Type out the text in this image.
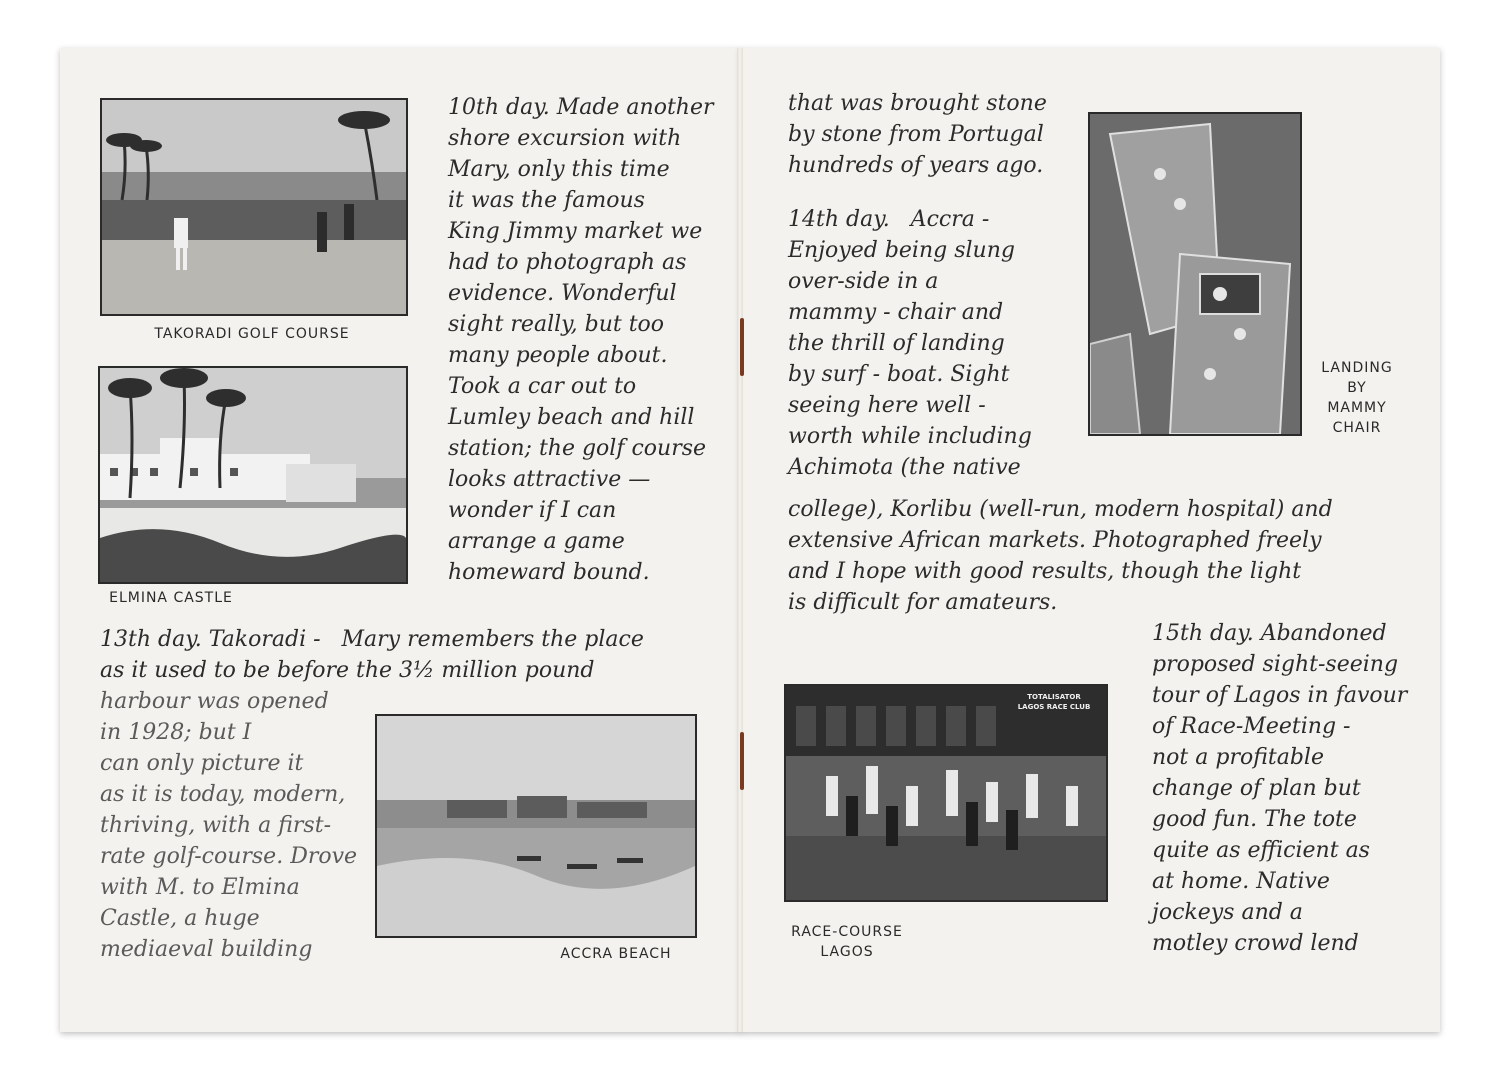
TAKORADI GOLF COURSE
ELMINA CASTLE
ACCRA BEACH
LANDING
BY
MAMMY
CHAIR
TOTALISATOR
LAGOS RACE CLUB
RACE-COURSE
LAGOS
10th day. Made another
shore excursion with
Mary, only this time
it was the famous
King Jimmy market we
had to photograph as
evidence. Wonderful
sight really, but too
many people about.
Took a car out to
Lumley beach and hill
station; the golf course
looks attractive —
wonder if I can
arrange a game
homeward bound.
13th day. Takoradi -   Mary remembers the place
as it used to be before the 3½ million pound
harbour was opened
in 1928; but I
can only picture it
as it is today, modern,
thriving, with a first-
rate golf-course. Drove
with M. to Elmina
Castle, a huge
mediaeval building
that was brought stone
by stone from Portugal
hundreds of years ago.
14th day.   Accra -
Enjoyed being slung
over-side in a
mammy - chair and
the thrill of landing
by surf - boat. Sight
seeing here well -
worth while including
Achimota (the native
college), Korlibu (well-run, modern hospital) and
extensive African markets. Photographed freely
and I hope with good results, though the light
is difficult for amateurs.
15th day. Abandoned
proposed sight-seeing
tour of Lagos in favour
of Race-Meeting -
not a profitable
change of plan but
good fun. The tote
quite as efficient as
at home. Native
jockeys and a
motley crowd lend
